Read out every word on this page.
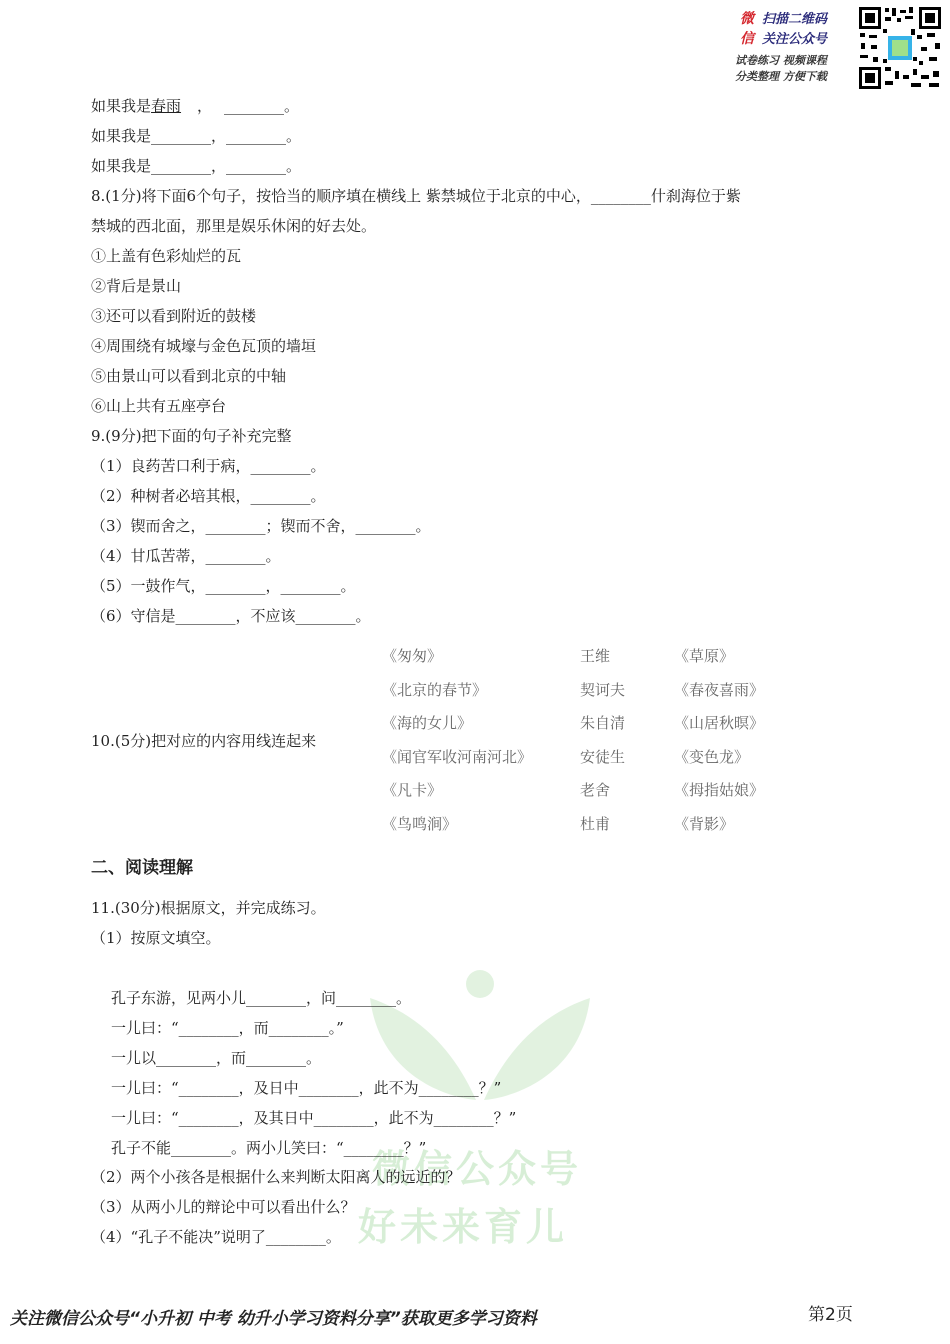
微
信
扫描二维码
关注公众号
试卷练习 视频课程
分类整理 方便下载
如果我是春雨 ， ________。
如果我是________，________。
如果我是________，________。
8.(1分)将下面6个句子，按恰当的顺序填在横线上 紫禁城位于北京的中心，________什刹海位于紫
禁城的西北面，那里是娱乐休闲的好去处。
①上盖有色彩灿烂的瓦
②背后是景山
③还可以看到附近的鼓楼
④周围绕有城壕与金色瓦顶的墙垣
⑤由景山可以看到北京的中轴
⑥山上共有五座亭台
9.(9分)把下面的句子补充完整
（1）良药苦口利于病，________。
（2）种树者必培其根，________。
（3）锲而舍之，________；锲而不舍，________。
（4）甘瓜苦蒂，________。
（5）一鼓作气，________，________。
（6）守信是________，不应该________。
10.(5分)把对应的内容用线连起来
《匆匆》
《北京的春节》
《海的女儿》
《闻官军收河南河北》
《凡卡》
《鸟鸣涧》
王维
契诃夫
朱自清
安徒生
老舍
杜甫
《草原》
《春夜喜雨》
《山居秋暝》
《变色龙》
《拇指姑娘》
《背影》
二、阅读理解
11.(30分)根据原文，并完成练习。
（1）按原文填空。
微信公众号
好未来育儿
孔子东游，见两小儿________，问________。
一儿曰：“________，而________。”
一儿以________，而________。
一儿曰：“________，及日中________，此不为________？”
一儿曰：“________，及其日中________，此不为________？”
孔子不能________。两小儿笑曰：“________？”
（2）两个小孩各是根据什么来判断太阳离人的远近的？
（3）从两小儿的辩论中可以看出什么？
（4）“孔子不能决”说明了________。
关注微信公众号“小升初 中考 幼升小学习资料分享”获取更多学习资料	第2页
